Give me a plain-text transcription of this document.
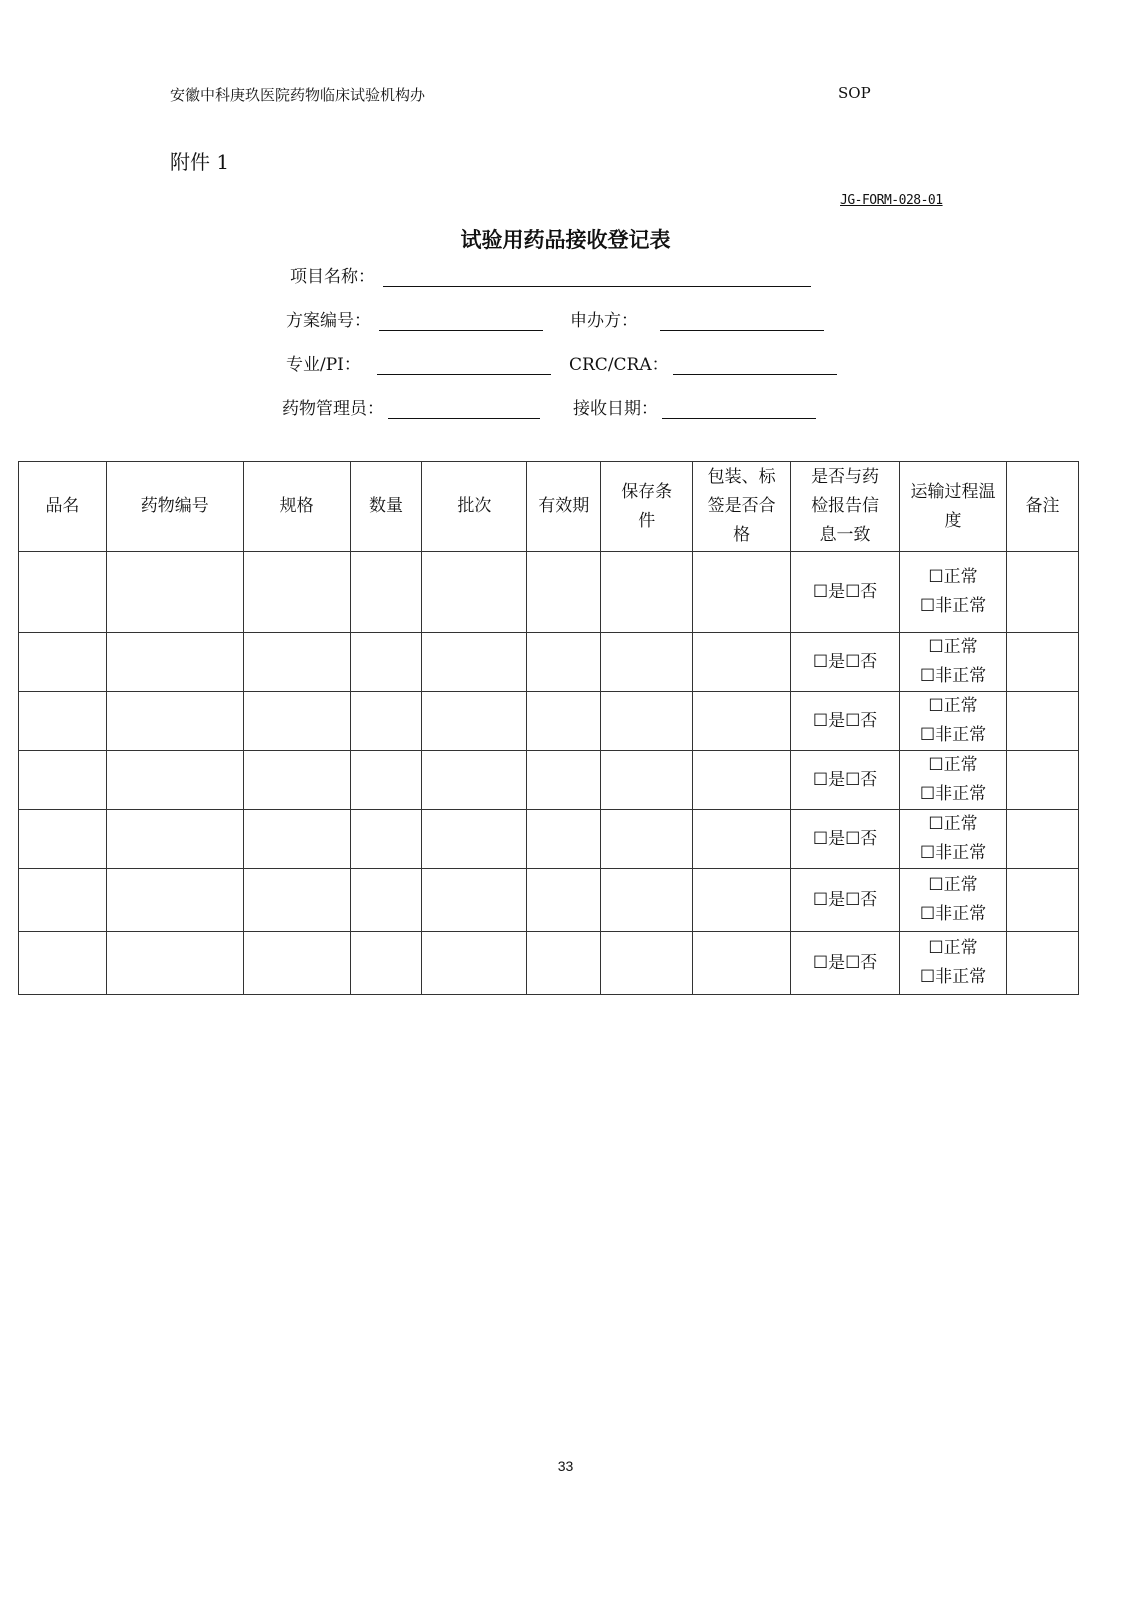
安徽中科庚玖医院药物临床试验机构办	SOP
附件 1
JG-FORM-028-01
试验用药品接收登记表
项目名称：
方案编号：	申办方：
专业/PI：	CRC/CRA：
药物管理员：	接收日期：
品名	药物编号	规格	数量	批次	有效期	保存条件	包装、标签是否合格	是否与药检报告信息一致	运输过程温度	备注

								☐是☐否	☐正常
☐非正常	

								☐是☐否	☐正常
☐非正常	

								☐是☐否	☐正常
☐非正常	

								☐是☐否	☐正常
☐非正常	

								☐是☐否	☐正常
☐非正常	

								☐是☐否	☐正常
☐非正常	

								☐是☐否	☐正常
☐非正常	

33
